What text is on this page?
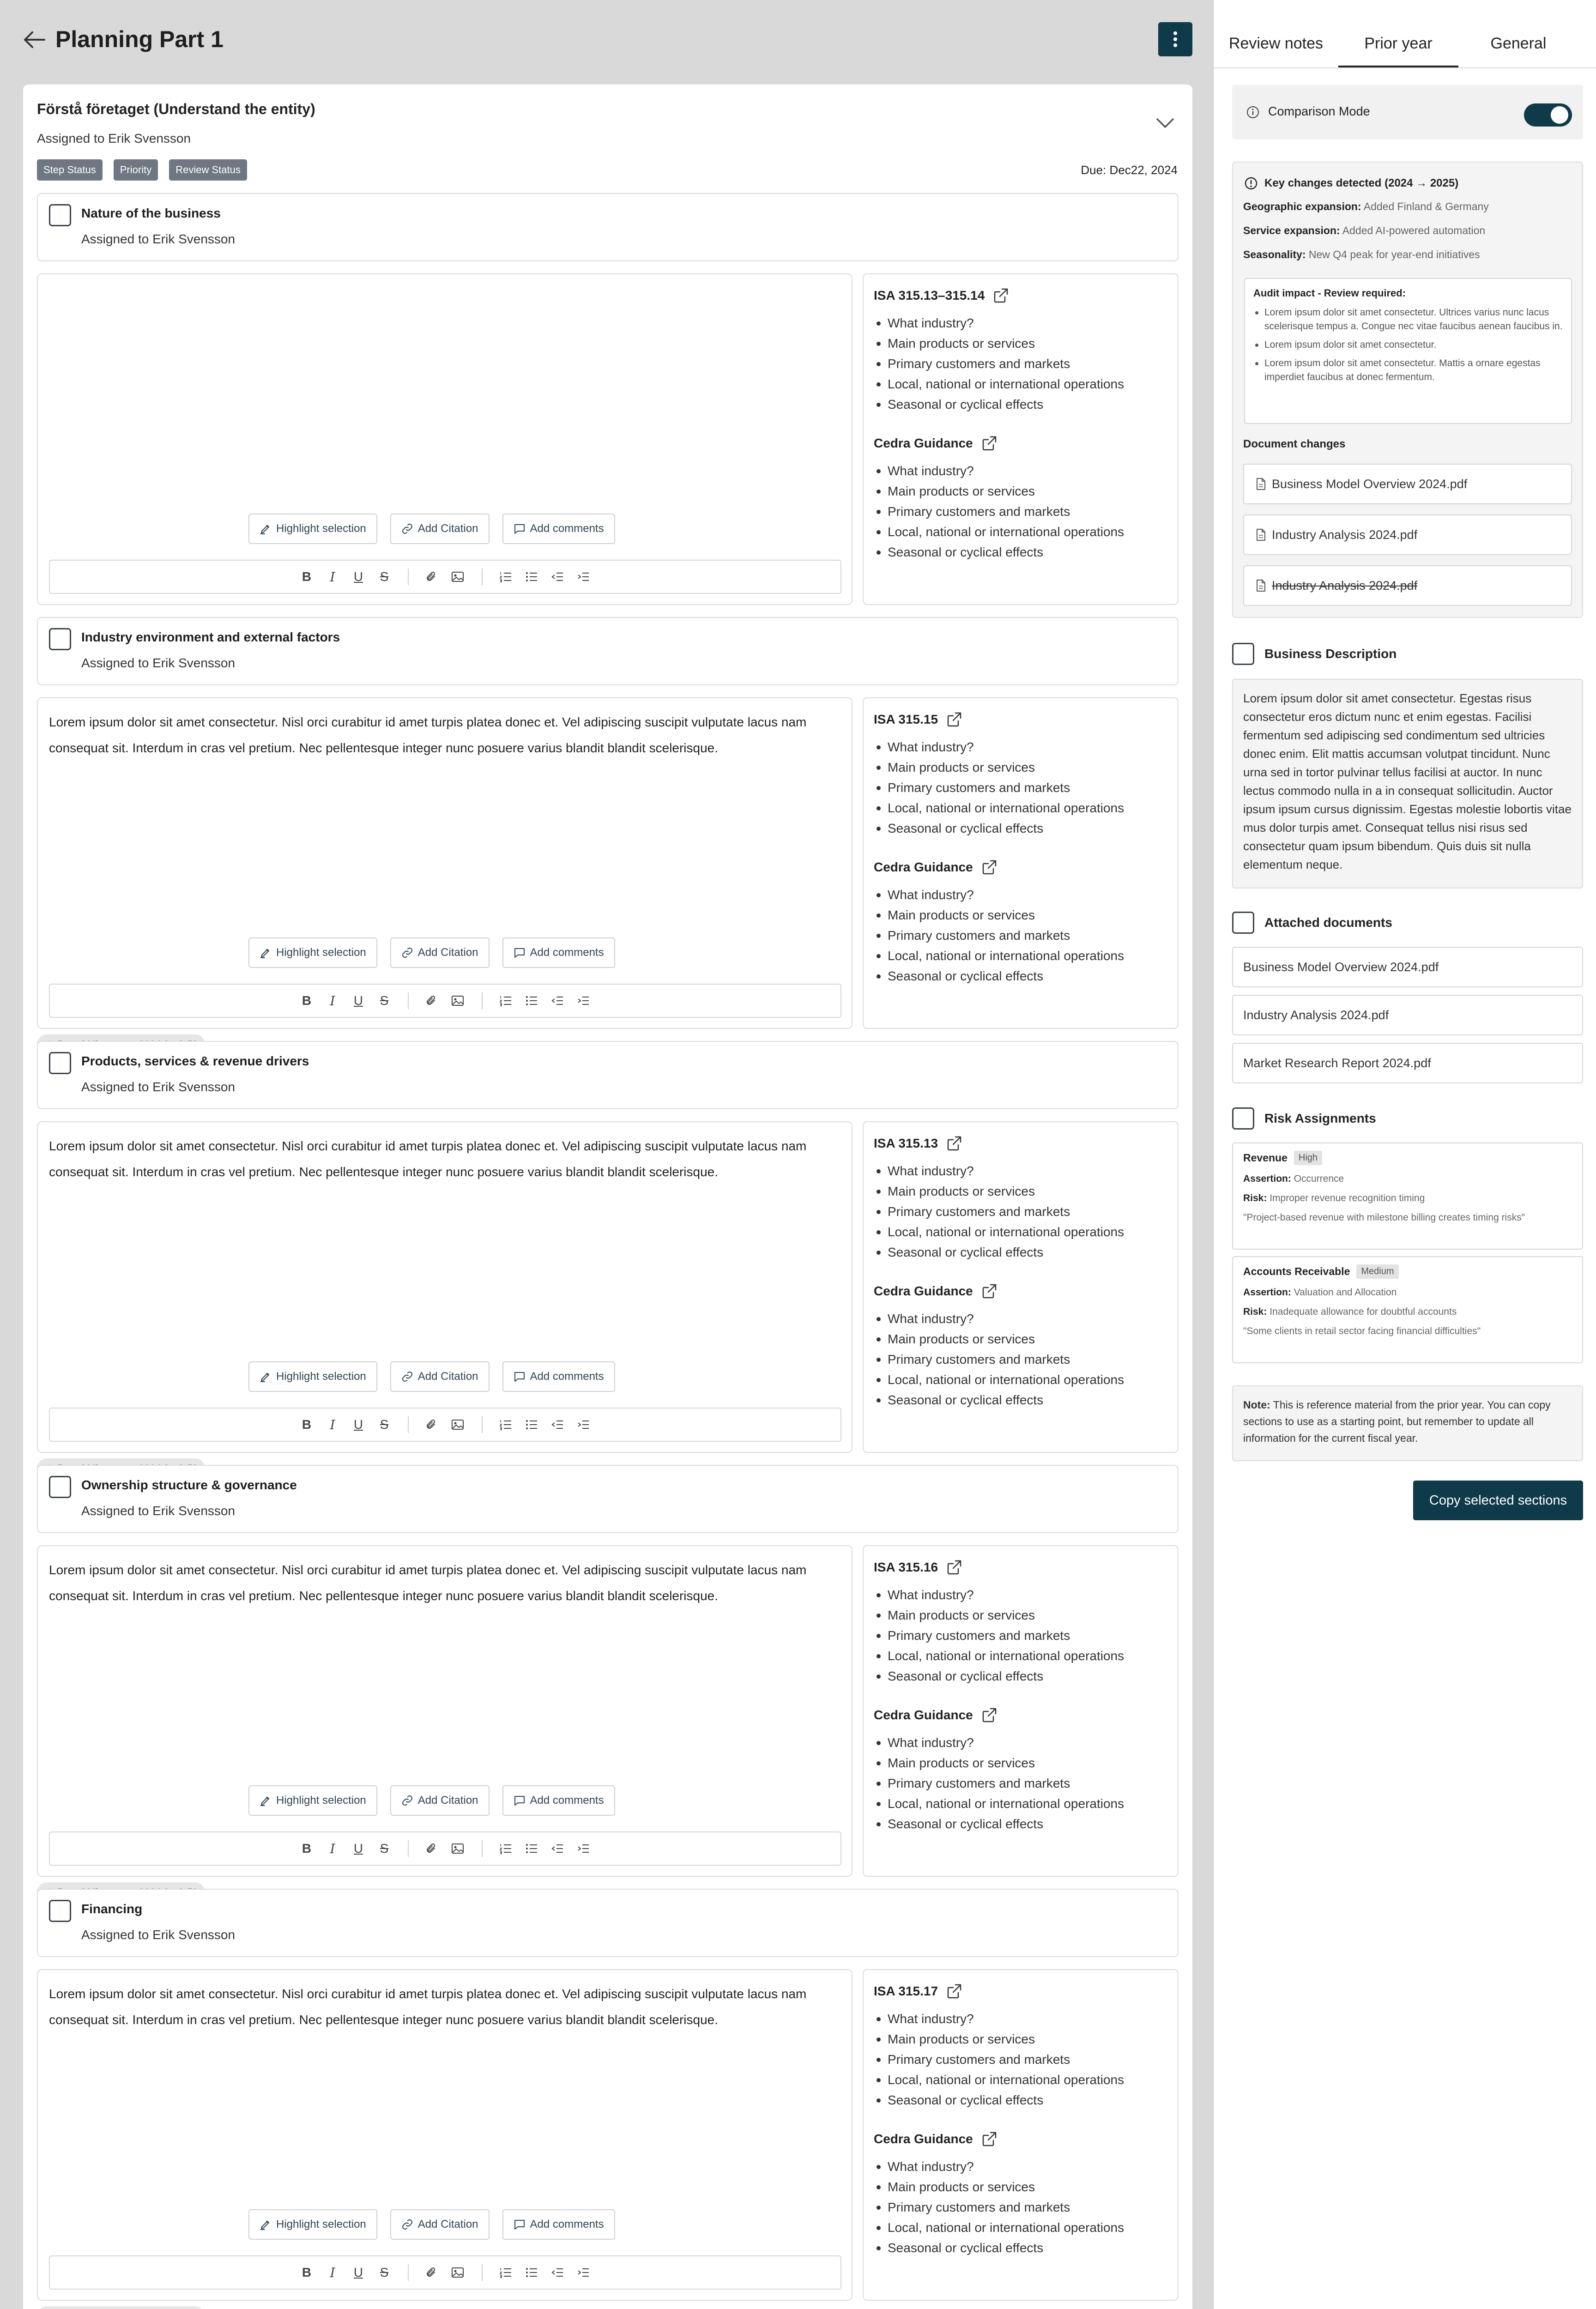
Planning Part 1
Förstå företaget (Understand the entity)
Assigned to Erik Svensson
Step Status	Priority	Review Status	Due: Dec22, 2024
Nature of the business
Assigned to Erik Svensson
Highlight selection	Add Citation	Add comments
B	I	U S
ISA 315.13–315.14
What industry?
Main products or services
Primary customers and markets
Local, national or international operations
Seasonal or cyclical effects
Cedra Guidance
What industry?
Main products or services
Primary customers and markets
Local, national or international operations
Seasonal or cyclical effects
Industry environment and external factors
Assigned to Erik Svensson
Lorem ipsum dolor sit amet consectetur. Nisl orci curabitur id amet turpis platea donec et. Vel adipiscing suscipit vulputate lacus nam consequat sit. Interdum in cras vel pretium. Nec pellentesque integer nunc posuere varius blandit blandit scelerisque.
Highlight selection	Add Citation	Add comments
B	I	U S
ISA 315.15
What industry?
Main products or services
Primary customers and markets
Local, national or international operations
Seasonal or cyclical effects
Cedra Guidance
What industry?
Main products or services
Primary customers and markets
Local, national or international operations
Seasonal or cyclical effects
Products, services & revenue drivers
Assigned to Erik Svensson
Lorem ipsum dolor sit amet consectetur. Nisl orci curabitur id amet turpis platea donec et. Vel adipiscing suscipit vulputate lacus nam consequat sit. Interdum in cras vel pretium. Nec pellentesque integer nunc posuere varius blandit blandit scelerisque.
Highlight selection	Add Citation	Add comments
B	I	U S
ISA 315.13
What industry?
Main products or services
Primary customers and markets
Local, national or international operations
Seasonal or cyclical effects
Cedra Guidance
What industry?
Main products or services
Primary customers and markets
Local, national or international operations
Seasonal or cyclical effects
Ownership structure & governance
Assigned to Erik Svensson
Lorem ipsum dolor sit amet consectetur. Nisl orci curabitur id amet turpis platea donec et. Vel adipiscing suscipit vulputate lacus nam consequat sit. Interdum in cras vel pretium. Nec pellentesque integer nunc posuere varius blandit blandit scelerisque.
Highlight selection	Add Citation	Add comments
B	I	U S
ISA 315.16
What industry?
Main products or services
Primary customers and markets
Local, national or international operations
Seasonal or cyclical effects
Cedra Guidance
What industry?
Main products or services
Primary customers and markets
Local, national or international operations
Seasonal or cyclical effects
Financing
Assigned to Erik Svensson
Lorem ipsum dolor sit amet consectetur. Nisl orci curabitur id amet turpis platea donec et. Vel adipiscing suscipit vulputate lacus nam consequat sit. Interdum in cras vel pretium. Nec pellentesque integer nunc posuere varius blandit blandit scelerisque.
Highlight selection	Add Citation	Add comments
B	I	U S
ISA 315.17
What industry?
Main products or services
Primary customers and markets
Local, national or international operations
Seasonal or cyclical effects
Cedra Guidance
What industry?
Main products or services
Primary customers and markets
Local, national or international operations
Seasonal or cyclical effects
Review notes	Prior year	General
Comparison Mode
Key changes detected (2024 → 2025)
Geographic expansion: Added Finland & Germany
Service expansion: Added AI-powered automation
Seasonality: New Q4 peak for year-end initiatives
Audit impact - Review required:
Lorem ipsum dolor sit amet consectetur. Ultrices varius nunc lacus scelerisque tempus a. Congue nec vitae faucibus aenean faucibus in.
Lorem ipsum dolor sit amet consectetur.
Lorem ipsum dolor sit amet consectetur. Mattis a ornare egestas imperdiet faucibus at donec fermentum.
Document changes
Business Model Overview 2024.pdf
Industry Analysis 2024.pdf
Industry Analysis 2024.pdf
Business Description
Lorem ipsum dolor sit amet consectetur. Egestas risus consectetur eros dictum nunc et enim egestas. Facilisi fermentum sed adipiscing sed condimentum sed ultricies donec enim. Elit mattis accumsan volutpat tincidunt. Nunc urna sed in tortor pulvinar tellus facilisi at auctor. In nunc lectus commodo nulla in a in consequat sollicitudin. Auctor ipsum ipsum cursus dignissim. Egestas molestie lobortis vitae mus dolor turpis amet. Consequat tellus nisi risus sed consectetur quam ipsum bibendum. Quis duis sit nulla elementum neque.
Attached documents
Business Model Overview 2024.pdf
Industry Analysis 2024.pdf
Market Research Report 2024.pdf
Risk Assignments
Revenue	High
Assertion: Occurrence
Risk: Improper revenue recognition timing
"Project-based revenue with milestone billing creates timing risks"
Accounts Receivable	Medium
Assertion: Valuation and Allocation
Risk: Inadequate allowance for doubtful accounts
"Some clients in retail sector facing financial difficulties"
Note: This is reference material from the prior year. You can copy sections to use as a starting point, but remember to update all information for the current fiscal year.
Copy selected sections
